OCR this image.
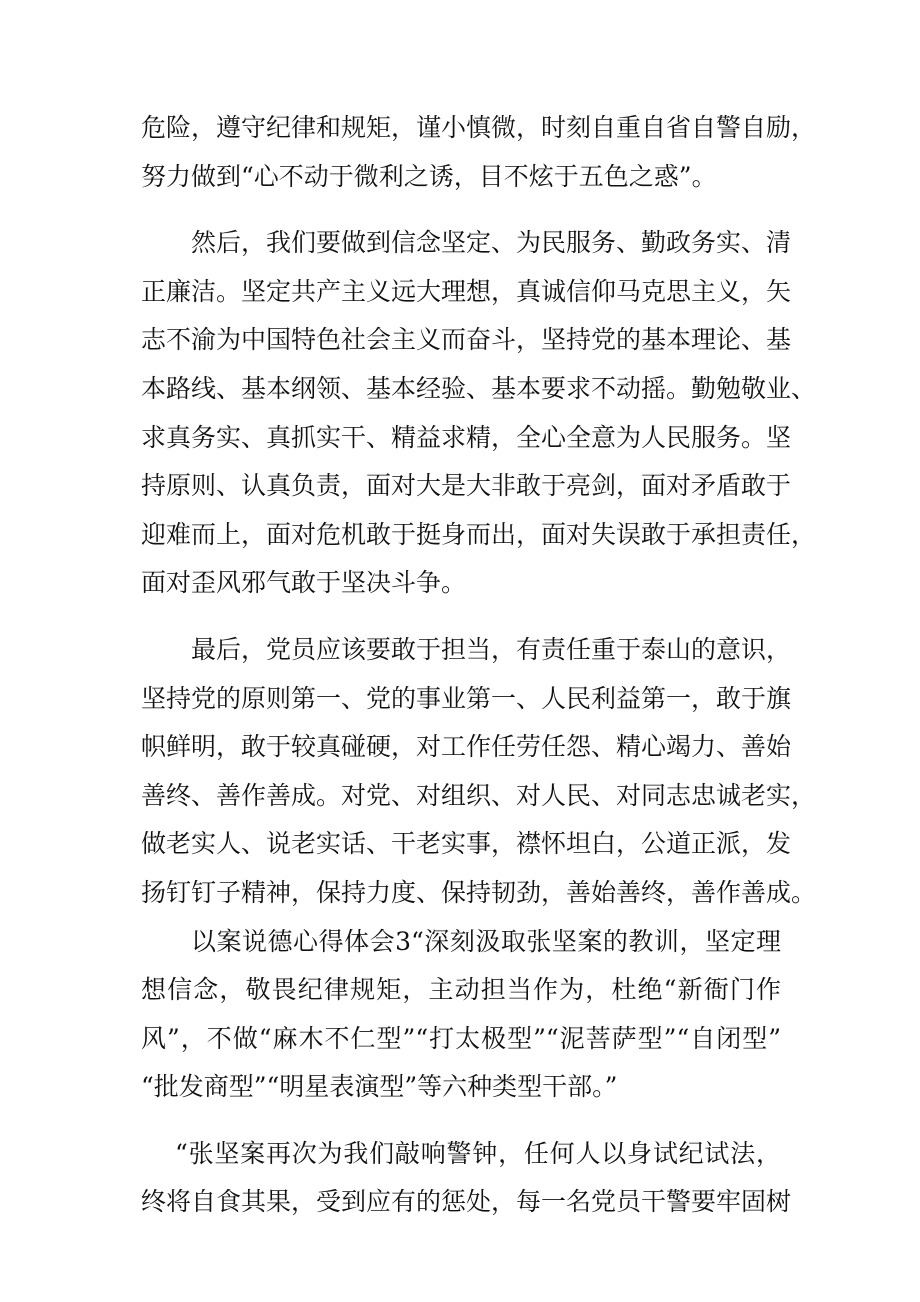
危险，遵守纪律和规矩，谨小慎微，时刻自重自省自警自励，
努力做到“心不动于微利之诱，目不炫于五色之惑”。
然后，我们要做到信念坚定、为民服务、勤政务实、清
正廉洁。坚定共产主义远大理想，真诚信仰马克思主义，矢
志不渝为中国特色社会主义而奋斗，坚持党的基本理论、基
本路线、基本纲领、基本经验、基本要求不动摇。勤勉敬业、
求真务实、真抓实干、精益求精，全心全意为人民服务。坚
持原则、认真负责，面对大是大非敢于亮剑，面对矛盾敢于
迎难而上，面对危机敢于挺身而出，面对失误敢于承担责任，
面对歪风邪气敢于坚决斗争。
最后，党员应该要敢于担当，有责任重于泰山的意识，
坚持党的原则第一、党的事业第一、人民利益第一，敢于旗
帜鲜明，敢于较真碰硬，对工作任劳任怨、精心竭力、善始
善终、善作善成。对党、对组织、对人民、对同志忠诚老实，
做老实人、说老实话、干老实事，襟怀坦白，公道正派，发
扬钉钉子精神，保持力度、保持韧劲，善始善终，善作善成。
以案说德心得体会3“深刻汲取张坚案的教训，坚定理
想信念，敬畏纪律规矩，主动担当作为，杜绝“新衙门作
风”，不做“麻木不仁型”“打太极型”“泥菩萨型”“自闭型”
“批发商型”“明星表演型”等六种类型干部。”
“张坚案再次为我们敲响警钟，任何人以身试纪试法，
终将自食其果，受到应有的惩处，每一名党员干警要牢固树
